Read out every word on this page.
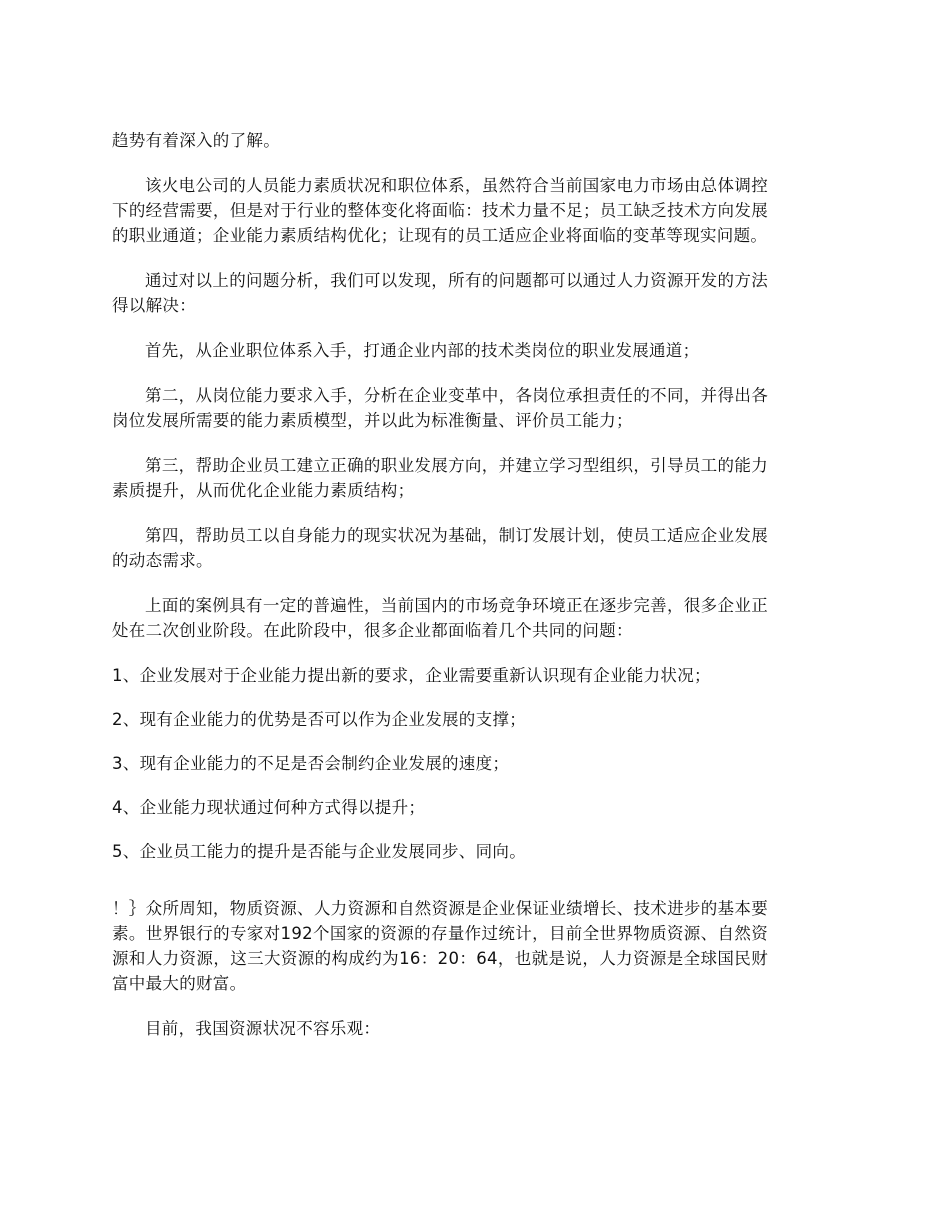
趋势有着深入的了解。

该火电公司的人员能力素质状况和职位体系，虽然符合当前国家电力市场由总体调控下的经营需要，但是对于行业的整体变化将面临：技术力量不足；员工缺乏技术方向发展的职业通道；企业能力素质结构优化；让现有的员工适应企业将面临的变革等现实问题。

通过对以上的问题分析，我们可以发现，所有的问题都可以通过人力资源开发的方法得以解决：

首先，从企业职位体系入手，打通企业内部的技术类岗位的职业发展通道；

第二，从岗位能力要求入手，分析在企业变革中，各岗位承担责任的不同，并得出各岗位发展所需要的能力素质模型，并以此为标准衡量、评价员工能力；

第三，帮助企业员工建立正确的职业发展方向，并建立学习型组织，引导员工的能力素质提升，从而优化企业能力素质结构；

第四，帮助员工以自身能力的现实状况为基础，制订发展计划，使员工适应企业发展的动态需求。

上面的案例具有一定的普遍性，当前国内的市场竞争环境正在逐步完善，很多企业正处在二次创业阶段。在此阶段中，很多企业都面临着几个共同的问题：

1、企业发展对于企业能力提出新的要求，企业需要重新认识现有企业能力状况；

2、现有企业能力的优势是否可以作为企业发展的支撑；

3、现有企业能力的不足是否会制约企业发展的速度；

4、企业能力现状通过何种方式得以提升；

5、企业员工能力的提升是否能与企业发展同步、同向。

！｝众所周知，物质资源、人力资源和自然资源是企业保证业绩增长、技术进步的基本要素。世界银行的专家对192个国家的资源的存量作过统计，目前全世界物质资源、自然资源和人力资源，这三大资源的构成约为16：20：64，也就是说，人力资源是全球国民财富中最大的财富。

目前，我国资源状况不容乐观：
